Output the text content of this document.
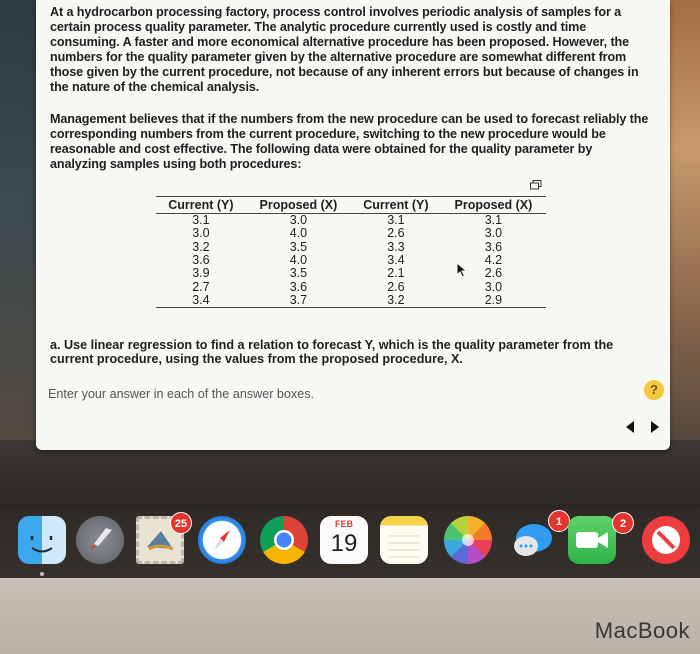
At a hydrocarbon processing factory, process control involves periodic analysis of samples for a certain process quality parameter. The analytic procedure currently used is costly and time consuming. A faster and more economical alternative procedure has been proposed. However, the numbers for the quality parameter given by the alternative procedure are somewhat different from those given by the current procedure, not because of any inherent errors but because of changes in the nature of the chemical analysis.

Management believes that if the numbers from the new procedure can be used to forecast reliably the corresponding numbers from the current procedure, switching to the new procedure would be reasonable and cost effective. The following data were obtained for the quality parameter by analyzing samples using both procedures:

Current (Y)	Proposed (X)	Current (Y)	Proposed (X)
3.1	3.0	3.1	3.1
3.0	4.0	2.6	3.0
3.2	3.5	3.3	3.6
3.6	4.0	3.4	4.2
3.9	3.5	2.1	2.6
2.7	3.6	2.6	3.0
3.4	3.7	3.2	2.9

a. Use linear regression to find a relation to forecast Y, which is the quality parameter from the current procedure, using the values from the proposed procedure, X.

Enter your answer in each of the answer boxes.	?
25	FEB
19
1	2
MacBook
